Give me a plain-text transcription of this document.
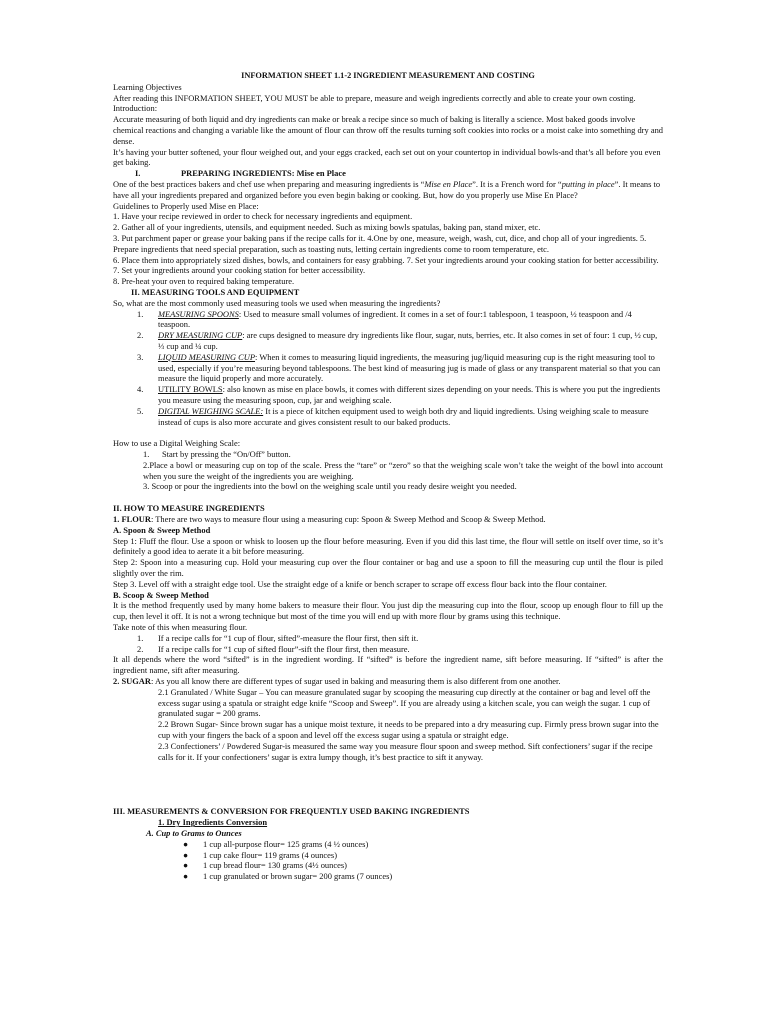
INFORMATION SHEET 1.1-2 INGREDIENT MEASUREMENT AND COSTING

Learning Objectives

After reading this INFORMATION SHEET, YOU MUST be able to prepare, measure and weigh ingredients correctly and able to create your own costing.

Introduction:

Accurate measuring of both liquid and dry ingredients can make or break a recipe since so much of baking is literally a science. Most baked goods involve chemical reactions and changing a variable like the amount of flour can throw off the results turning soft cookies into rocks or a moist cake into something dry and dense.

It’s having your butter softened, your flour weighed out, and your eggs cracked, each set out on your countertop in individual bowls-and that’s all before you even get baking.

I.	PREPARING INGREDIENTS: Mise en Place

One of the best practices bakers and chef use when preparing and measuring ingredients is “Mise en Place”. It is a French word for “putting in place”. It means to have all your ingredients prepared and organized before you even begin baking or cooking. But, how do you properly use Mise En Place?

Guidelines to Properly used Mise en Place:

1. Have your recipe reviewed in order to check for necessary ingredients and equipment.

2. Gather all of your ingredients, utensils, and equipment needed. Such as mixing bowls spatulas, baking pan, stand mixer, etc.

3. Put parchment paper or grease your baking pans if the recipe calls for it. 4.One by one, measure, weigh, wash, cut, dice, and chop all of your ingredients. 5. Prepare ingredients that need special preparation, such as toasting nuts, letting certain ingredients come to room temperature, etc.

6. Place them into appropriately sized dishes, bowls, and containers for easy grabbing. 7. Set your ingredients around your cooking station for better accessibility.

7. Set your ingredients around your cooking station for better accessibility.

8. Pre-heat your oven to required baking temperature.

II. MEASURING TOOLS AND EQUIPMENT

So, what are the most commonly used measuring tools we used when measuring the ingredients?

1. MEASURING SPOONS: Used to measure small volumes of ingredient. It comes in a set of four:1 tablespoon, 1 teaspoon, ½ teaspoon and /4 teaspoon.
2. DRY MEASURING CUP: are cups designed to measure dry ingredients like flour, sugar, nuts, berries, etc. It also comes in set of four: 1 cup, ½ cup, ⅓ cup and ¼ cup.
3. LIQUID MEASURING CUP: When it comes to measuring liquid ingredients, the measuring jug/liquid measuring cup is the right measuring tool to used, especially if you’re measuring beyond tablespoons. The best kind of measuring jug is made of glass or any transparent material so that you can measure the liquid properly and more accurately.
4. UTILITY BOWLS: also known as mise en place bowls, it comes with different sizes depending on your needs. This is where you put the ingredients you measure using the measuring spoon, cup, jar and weighing scale.
5. DIGITAL WEIGHING SCALE: It is a piece of kitchen equipment used to weigh both dry and liquid ingredients. Using weighing scale to measure instead of cups is also more accurate and gives consistent result to our baked products.

How to use a Digital Weighing Scale:

1.      Start by pressing the “On/Off” button.

2.Place a bowl or measuring cup on top of the scale. Press the “tare” or “zero” so that the weighing scale won’t take the weight of the bowl into account when you sure the weight of the ingredients you are weighing.

3. Scoop or pour the ingredients into the bowl on the weighing scale until you ready desire weight you needed.

II. HOW TO MEASURE INGREDIENTS

1. FLOUR: There are two ways to measure flour using a measuring cup: Spoon & Sweep Method and Scoop & Sweep Method.

A. Spoon & Sweep Method

Step 1: Fluff the flour. Use a spoon or whisk to loosen up the flour before measuring. Even if you did this last time, the flour will settle on itself over time, so it’s definitely a good idea to aerate it a bit before measuring.

Step 2: Spoon into a measuring cup. Hold your measuring cup over the flour container or bag and use a spoon to fill the measuring cup until the flour is piled slightly over the rim.

Step 3. Level off with a straight edge tool. Use the straight edge of a knife or bench scraper to scrape off excess flour back into the flour container.

B. Scoop & Sweep Method

It is the method frequently used by many home bakers to measure their flour. You just dip the measuring cup into the flour, scoop up enough flour to fill up the cup, then level it off. It is not a wrong technique but most of the time you will end up with more flour by grams using this technique.

Take note of this when measuring flour.

1. If a recipe calls for “1 cup of flour, sifted”-measure the flour first, then sift it.
2. If a recipe calls for “1 cup of sifted flour”-sift the flour first, then measure.

It all depends where the word “sifted” is in the ingredient wording. If “sifted” is before the ingredient name, sift before measuring. If “sifted” is after the ingredient name, sift after measuring.

2. SUGAR: As you all know there are different types of sugar used in baking and measuring them is also different from one another.

2.1 Granulated / White Sugar – You can measure granulated sugar by scooping the measuring cup directly at the container or bag and level off the excess sugar using a spatula or straight edge knife “Scoop and Sweep”. If you are already using a kitchen scale, you can weigh the sugar. 1 cup of granulated sugar = 200 grams.

2.2 Brown Sugar- Since brown sugar has a unique moist texture, it needs to be prepared into a dry measuring cup. Firmly press brown sugar into the cup with your fingers the back of a spoon and level off the excess sugar using a spatula or straight edge.

2.3 Confectioners’ / Powdered Sugar-is measured the same way you measure flour spoon and sweep method. Sift confectioners’ sugar if the recipe calls for it. If your confectioners’ sugar is extra lumpy though, it’s best practice to sift it anyway.

III. MEASUREMENTS & CONVERSION FOR FREQUENTLY USED BAKING INGREDIENTS

1. Dry Ingredients Conversion

A. Cup to Grams to Ounces

● 1 cup all-purpose flour= 125 grams (4 ½ ounces)
● 1 cup cake flour= 119 grams (4 ounces)
● 1 cup bread flour= 130 grams (4½ ounces)
● 1 cup granulated or brown sugar= 200 grams (7 ounces)
